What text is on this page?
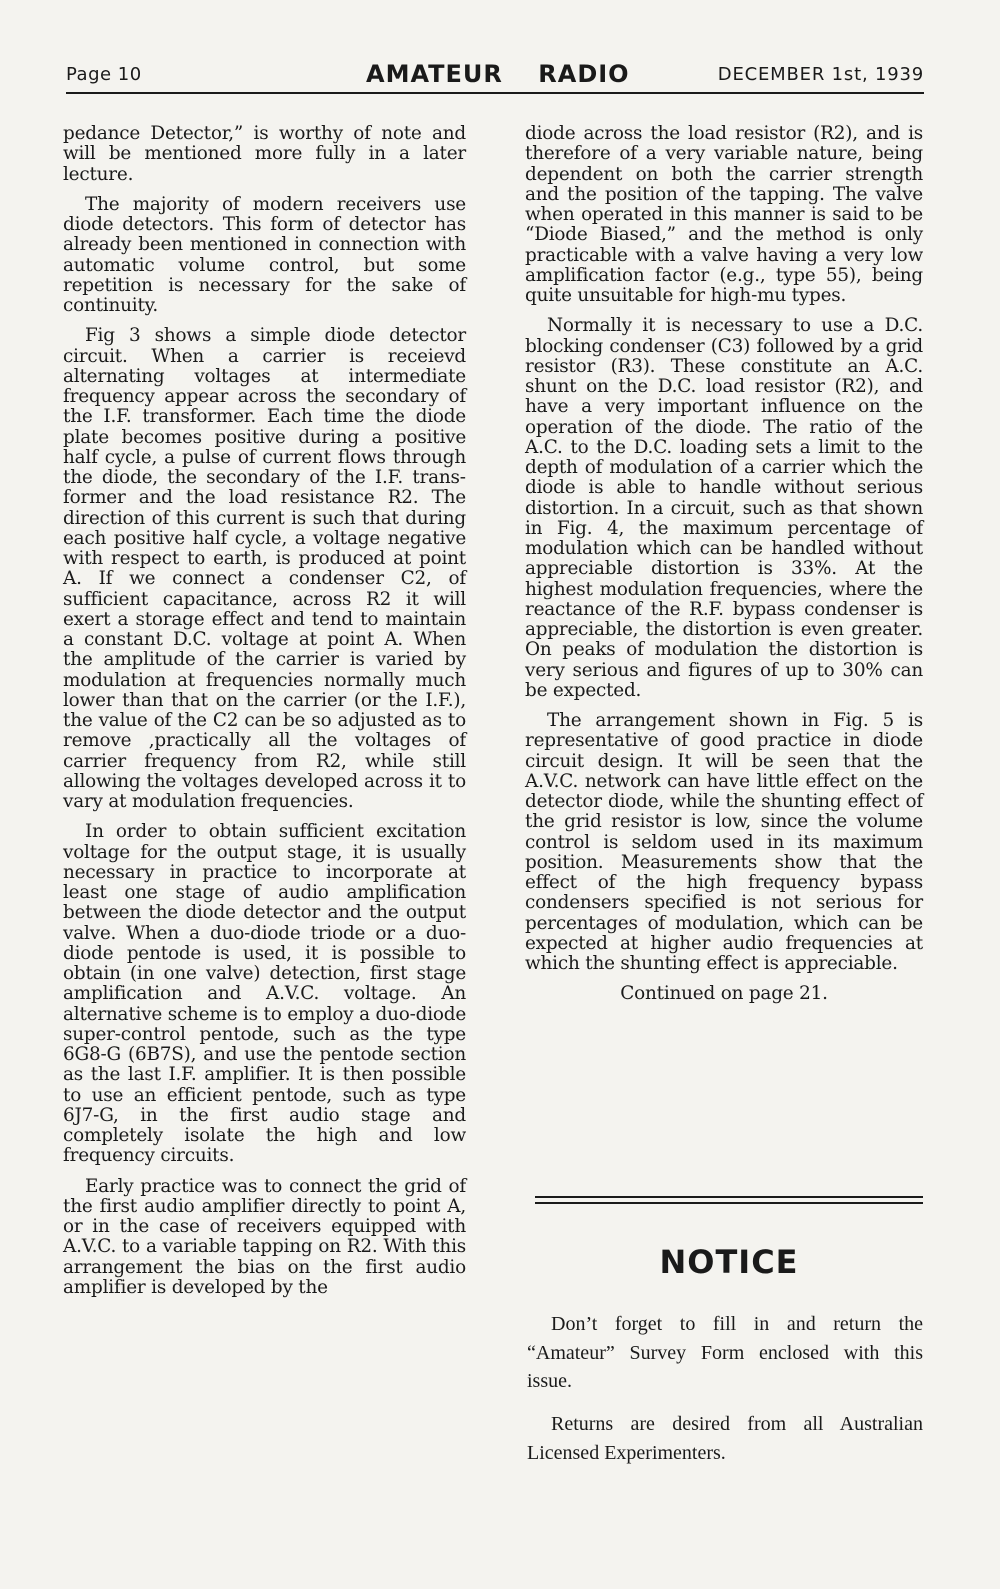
Page 10	AMATEUR RADIO	DECEMBER 1st, 1939

pedance Detector,” is worthy of note and will be mentioned more fully in a later lecture.

The majority of modern receivers use diode detectors. This form of detector has already been mentioned in connection with automatic volume control, but some repetition is necessary for the sake of continuity.

Fig 3 shows a simple diode detector circuit. When a carrier is receievd alternating voltages at intermediate frequency appear across the secondary of the I.F. transformer. Each time the diode plate becomes positive during a positive half cycle, a pulse of current flows through the diode, the secondary of the I.F. transformer and the load resistance R2. The direction of this current is such that during each positive half cycle, a voltage negative with respect to earth, is produced at point A. If we connect a condenser C2, of sufficient capacitance, across R2 it will exert a storage effect and tend to maintain a constant D.C. voltage at point A. When the amplitude of the carrier is varied by modulation at frequencies normally much lower than that on the carrier (or the I.F.), the value of the C2 can be so adjusted as to remove ,practically all the voltages of carrier frequency from R2, while still allowing the voltages developed across it to vary at modulation frequencies.

In order to obtain sufficient excitation voltage for the output stage, it is usually necessary in practice to incorporate at least one stage of audio amplification between the diode detector and the output valve. When a duo-diode triode or a duo-diode pentode is used, it is possible to obtain (in one valve) detection, first stage amplification and A.V.C. voltage. An alternative scheme is to employ a duo-diode super-control pentode, such as the type 6G8-G (6B7S), and use the pentode section as the last I.F. amplifier. It is then possible to use an efficient pentode, such as type 6J7-G, in the first audio stage and completely isolate the high and low frequency circuits.

Early practice was to connect the grid of the first audio amplifier directly to point A, or in the case of receivers equipped with A.V.C. to a variable tapping on R2. With this arrangement the bias on the first audio amplifier is developed by the

diode across the load resistor (R2), and is therefore of a very variable nature, being dependent on both the carrier strength and the position of the tapping. The valve when operated in this manner is said to be “Diode Biased,” and the method is only practicable with a valve having a very low amplification factor (e.g., type 55), being quite unsuitable for high-mu types.

Normally it is necessary to use a D.C. blocking condenser (C3) followed by a grid resistor (R3). These constitute an A.C. shunt on the D.C. load resistor (R2), and have a very important influence on the operation of the diode. The ratio of the A.C. to the D.C. loading sets a limit to the depth of modulation of a carrier which the diode is able to handle without serious distortion. In a circuit, such as that shown in Fig. 4, the maximum percentage of modulation which can be handled without appreciable distortion is 33%. At the highest modulation frequencies, where the reactance of the R.F. bypass condenser is appreciable, the distortion is even greater. On peaks of modulation the distortion is very serious and figures of up to 30% can be expected.

The arrangement shown in Fig. 5 is representative of good practice in diode circuit design. It will be seen that the A.V.C. network can have little effect on the detector diode, while the shunting effect of the grid resistor is low, since the volume control is seldom used in its maximum position. Measurements show that the effect of the high frequency bypass condensers specified is not serious for percentages of modulation, which can be expected at higher audio frequencies at which the shunting effect is appreciable.

Continued on page 21.

NOTICE
Don’t forget to fill in and return the “Amateur” Survey Form enclosed with this issue.
Returns are desired from all Australian Licensed Experimenters.
